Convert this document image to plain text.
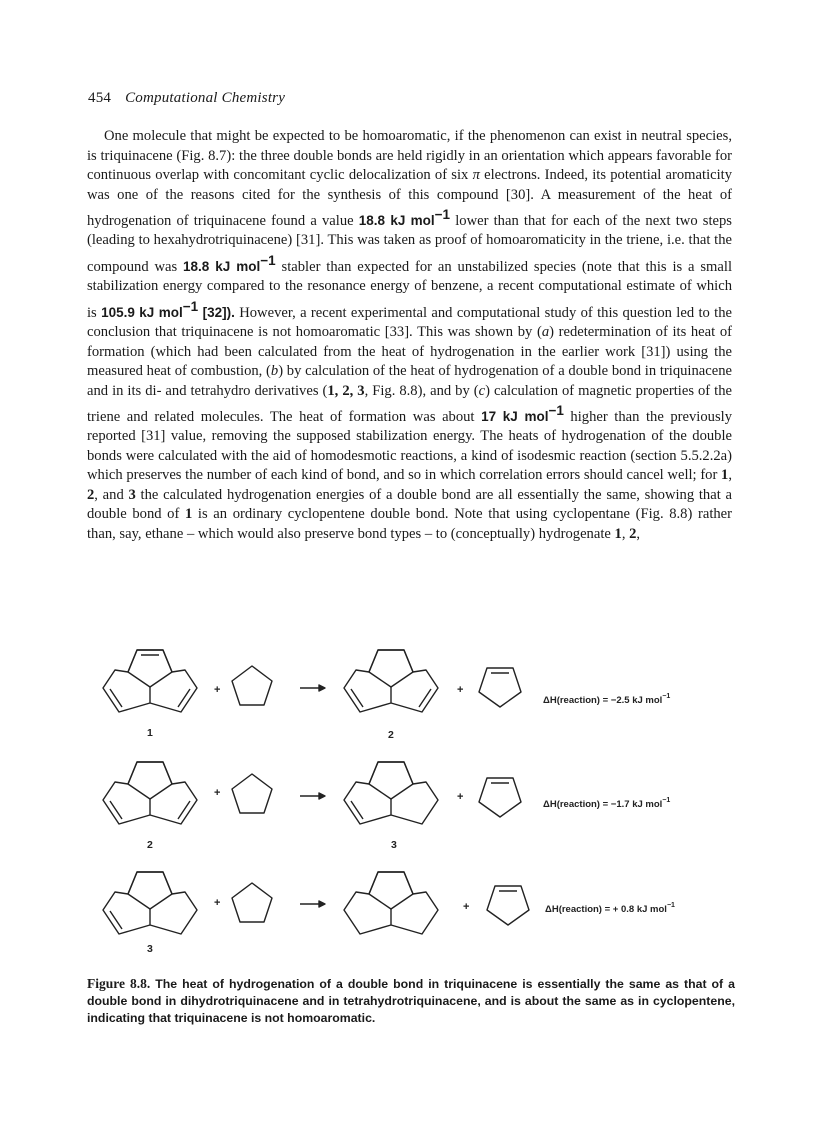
454 Computational Chemistry

One molecule that might be expected to be homoaromatic, if the phenomenon can exist in neutral species, is triquinacene (Fig. 8.7): the three double bonds are held rigidly in an orientation which appears favorable for continuous overlap with concomitant cyclic delocalization of six π electrons. Indeed, its potential aromaticity was one of the reasons cited for the synthesis of this compound [30]. A measurement of the heat of hydrogenation of triquinacene found a value 18.8 kJ mol$^{-1}$ lower than that for each of the next two steps (leading to hexahydrotriquinacene) [31]. This was taken as proof of homoaromaticity in the triene, i.e. that the compound was 18.8 kJ mol$^{-1}$ stabler than expected for an unstabilized species (note that this is a small stabilization energy compared to the resonance energy of benzene, a recent computational estimate of which is 105.9 kJ mol$^{-1}$ [32]). However, a recent experimental and computational study of this question led to the conclusion that triquinacene is not homoaromatic [33]. This was shown by (a) redetermination of its heat of formation (which had been calculated from the heat of hydrogenation in the earlier work [31]) using the measured heat of combustion, (b) by calculation of the heat of hydrogenation of a double bond in triquinacene and in its di- and tetrahydro derivatives (1, 2, 3, Fig. 8.8), and by (c) calculation of magnetic properties of the triene and related molecules. The heat of formation was about 17 kJ mol$^{-1}$ higher than the previously reported [31] value, removing the supposed stabilization energy. The heats of hydrogenation of the double bonds were calculated with the aid of homodesmotic reactions, a kind of isodesmic reaction (section 5.5.2.2a) which preserves the number of each kind of bond, and so in which correlation errors should cancel well; for 1, 2, and 3 the calculated hydrogenation energies of a double bond are all essentially the same, showing that a double bond of 1 is an ordinary cyclopentene double bond. Note that using cyclopentane (Fig. 8.8) rather than, say, ethane – which would also preserve bond types – to (conceptually) hydrogenate 1, 2,

+	+
1	2
ΔH(reaction) = −2.5 kJ mol$^{-1}$
+	+
2	3
ΔH(reaction) = −1.7 kJ mol$^{-1}$
+	+
3
ΔH(reaction) = + 0.8 kJ mol$^{-1}$
Figure 8.8. The heat of hydrogenation of a double bond in triquinacene is essentially the same as that of a double bond in dihydrotriquinacene and in tetrahydrotriquinacene, and is about the same as in cyclopentene, indicating that triquinacene is not homoaromatic.
